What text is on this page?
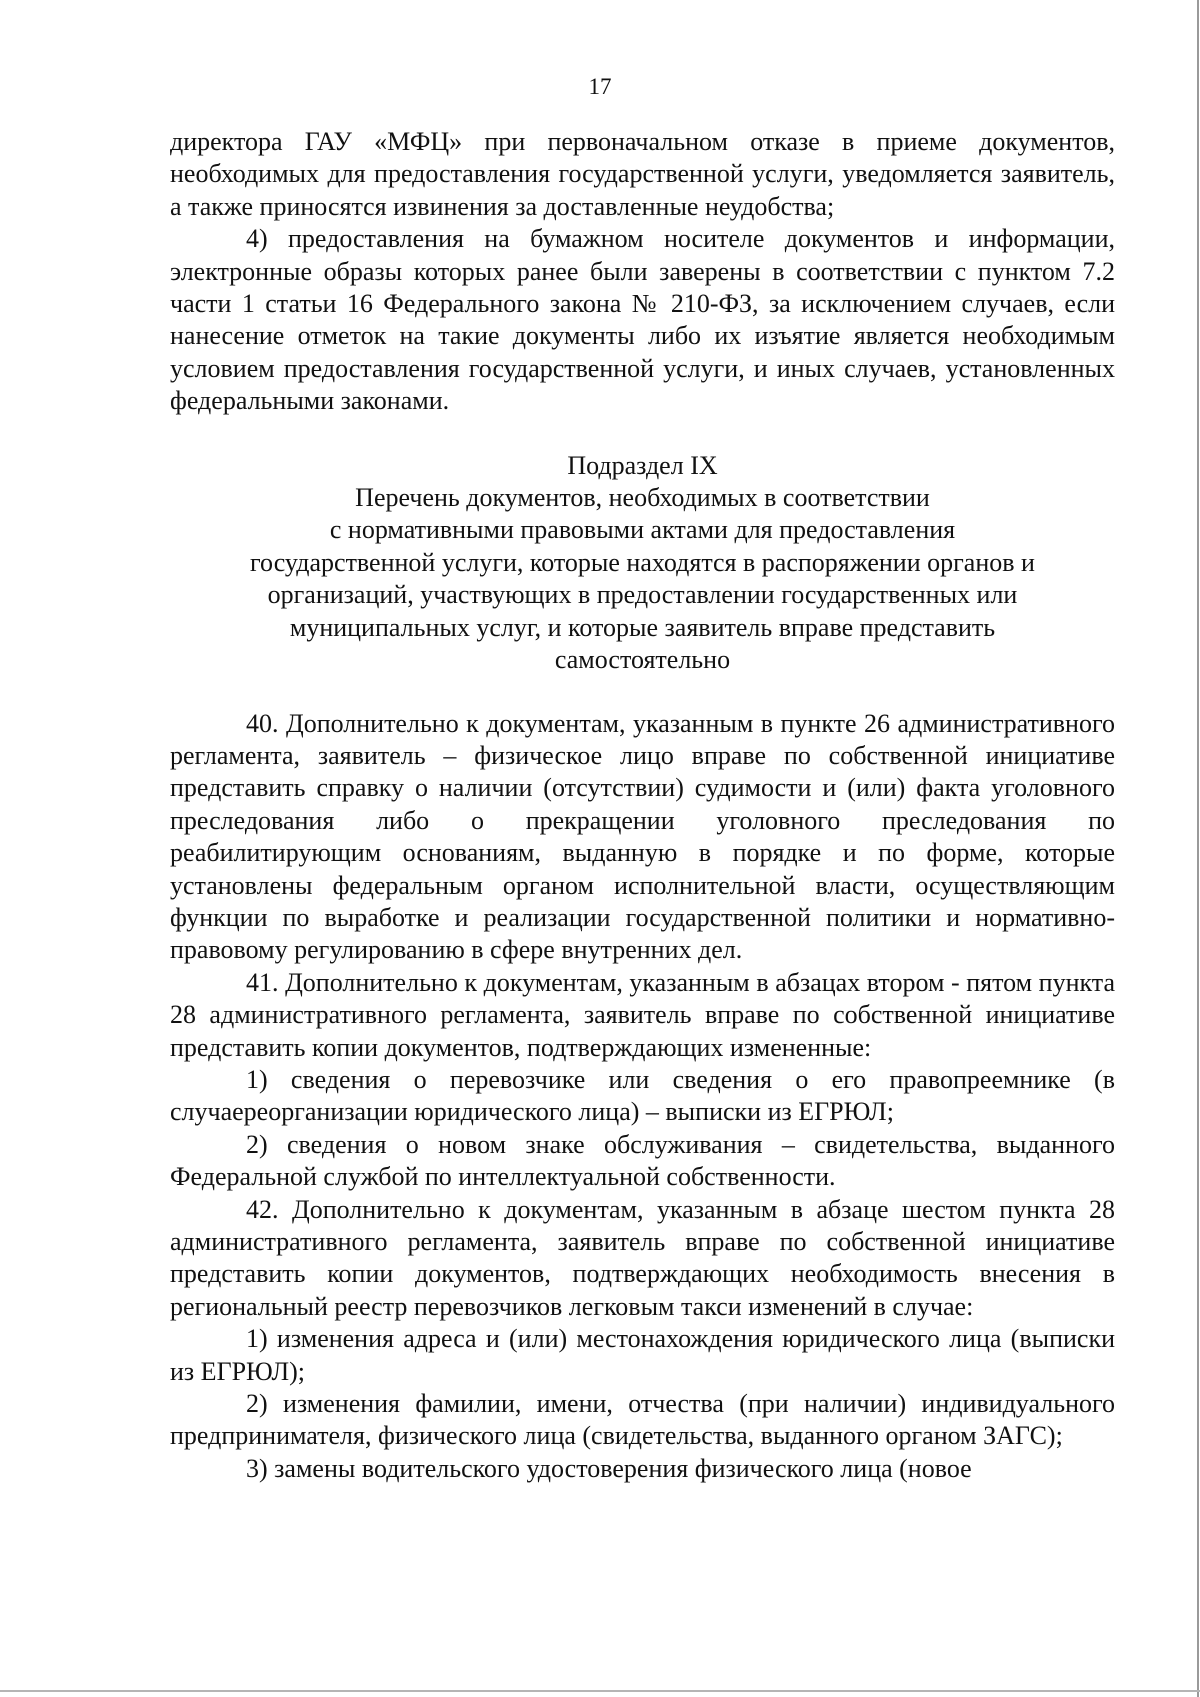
17

директора ГАУ «МФЦ» при первоначальном отказе в приеме документов, необходимых для предоставления государственной услуги, уведомляется заявитель, а также приносятся извинения за доставленные неудобства;

4) предоставления на бумажном носителе документов и информации, электронные образы которых ранее были заверены в соответствии с пунктом 7.2 части 1 статьи 16 Федерального закона № 210-ФЗ, за исключением случаев, если нанесение отметок на такие документы либо их изъятие является необходимым условием предоставления государственной услуги, и иных случаев, установленных федеральными законами.

Подраздел IX
Перечень документов, необходимых в соответствии
с нормативными правовыми актами для предоставления
государственной услуги, которые находятся в распоряжении органов и
организаций, участвующих в предоставлении государственных или
муниципальных услуг, и которые заявитель вправе представить
самостоятельно

40. Дополнительно к документам, указанным в пункте 26 административного регламента, заявитель – физическое лицо вправе по собственной инициативе представить справку о наличии (отсутствии) судимости и (или) факта уголовного преследования либо о прекращении уголовного преследования по реабилитирующим основаниям, выданную в порядке и по форме, которые установлены федеральным органом исполнительной власти, осуществляющим функции по выработке и реализации государственной политики и нормативно-правовому регулированию в сфере внутренних дел.

41. Дополнительно к документам, указанным в абзацах втором - пятом пункта 28 административного регламента, заявитель вправе по собственной инициативе представить копии документов, подтверждающих измененные:

1) сведения о перевозчике или сведения о его правопреемнике (в случаереорганизации юридического лица) – выписки из ЕГРЮЛ;

2) сведения о новом знаке обслуживания – свидетельства, выданного Федеральной службой по интеллектуальной собственности.

42. Дополнительно к документам, указанным в абзаце шестом пункта 28 административного регламента, заявитель вправе по собственной инициативе представить копии документов, подтверждающих необходимость внесения в региональный реестр перевозчиков легковым такси изменений в случае:

1) изменения адреса и (или) местонахождения юридического лица (выписки из ЕГРЮЛ);

2) изменения фамилии, имени, отчества (при наличии) индивидуального предпринимателя, физического лица (свидетельства, выданного органом ЗАГС);

3) замены водительского удостоверения физического лица (новое
